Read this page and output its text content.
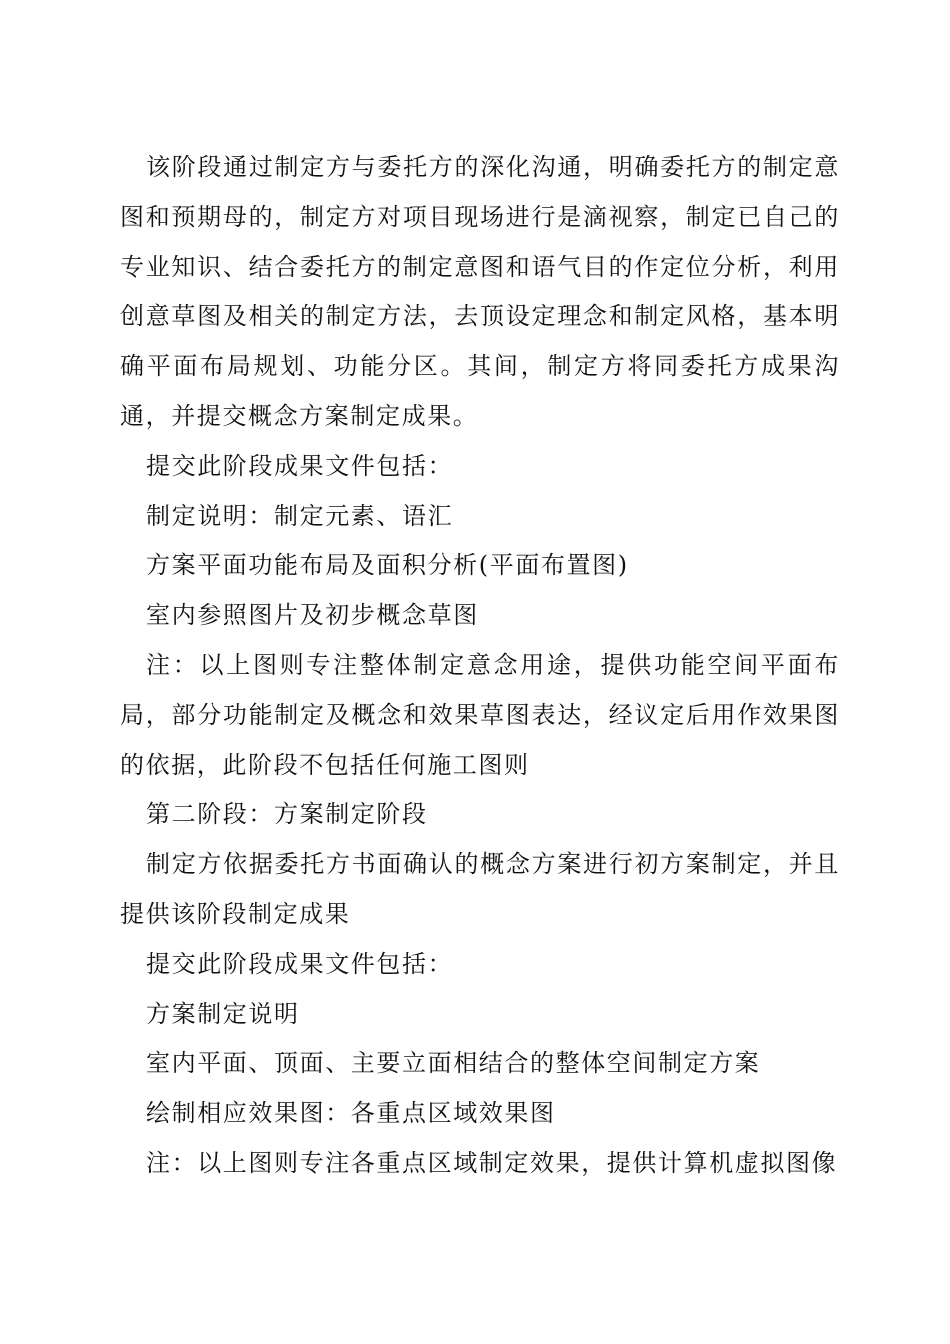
该阶段通过制定方与委托方的深化沟通，明确委托方的制定意图和预期母的，制定方对项目现场进行是滴视察，制定已自己的专业知识、结合委托方的制定意图和语气目的作定位分析，利用创意草图及相关的制定方法，去顶设定理念和制定风格，基本明确平面布局规划、功能分区。其间，制定方将同委托方成果沟通，并提交概念方案制定成果。

提交此阶段成果文件包括：

制定说明：制定元素、语汇

方案平面功能布局及面积分析(平面布置图)

室内参照图片及初步概念草图

注：以上图则专注整体制定意念用途，提供功能空间平面布局，部分功能制定及概念和效果草图表达，经议定后用作效果图的依据，此阶段不包括任何施工图则

第二阶段：方案制定阶段

制定方依据委托方书面确认的概念方案进行初方案制定，并且提供该阶段制定成果

提交此阶段成果文件包括：

方案制定说明

室内平面、顶面、主要立面相结合的整体空间制定方案

绘制相应效果图：各重点区域效果图

注：以上图则专注各重点区域制定效果，提供计算机虚拟图像
